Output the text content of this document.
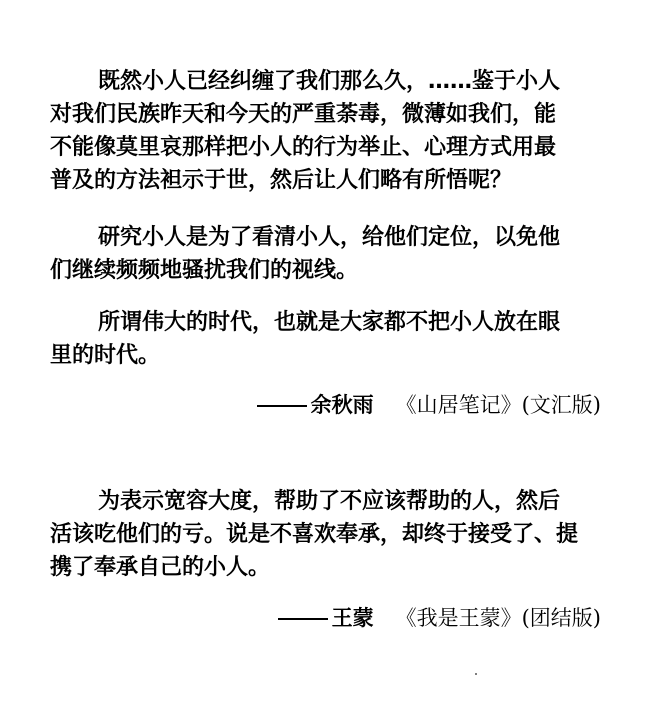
既然小人已经纠缠了我们那么久，……鉴于小人
对我们民族昨天和今天的严重荼毒，微薄如我们，能
不能像莫里哀那样把小人的行为举止、心理方式用最
普及的方法袒示于世，然后让人们略有所悟呢？
研究小人是为了看清小人，给他们定位，以免他
们继续频频地骚扰我们的视线。
所谓伟大的时代，也就是大家都不把小人放在眼
里的时代。
余秋雨 《山居笔记》(文汇版)
为表示宽容大度，帮助了不应该帮助的人，然后
活该吃他们的亏。说是不喜欢奉承，却终于接受了、提
携了奉承自己的小人。
王蒙 《我是王蒙》(团结版)
